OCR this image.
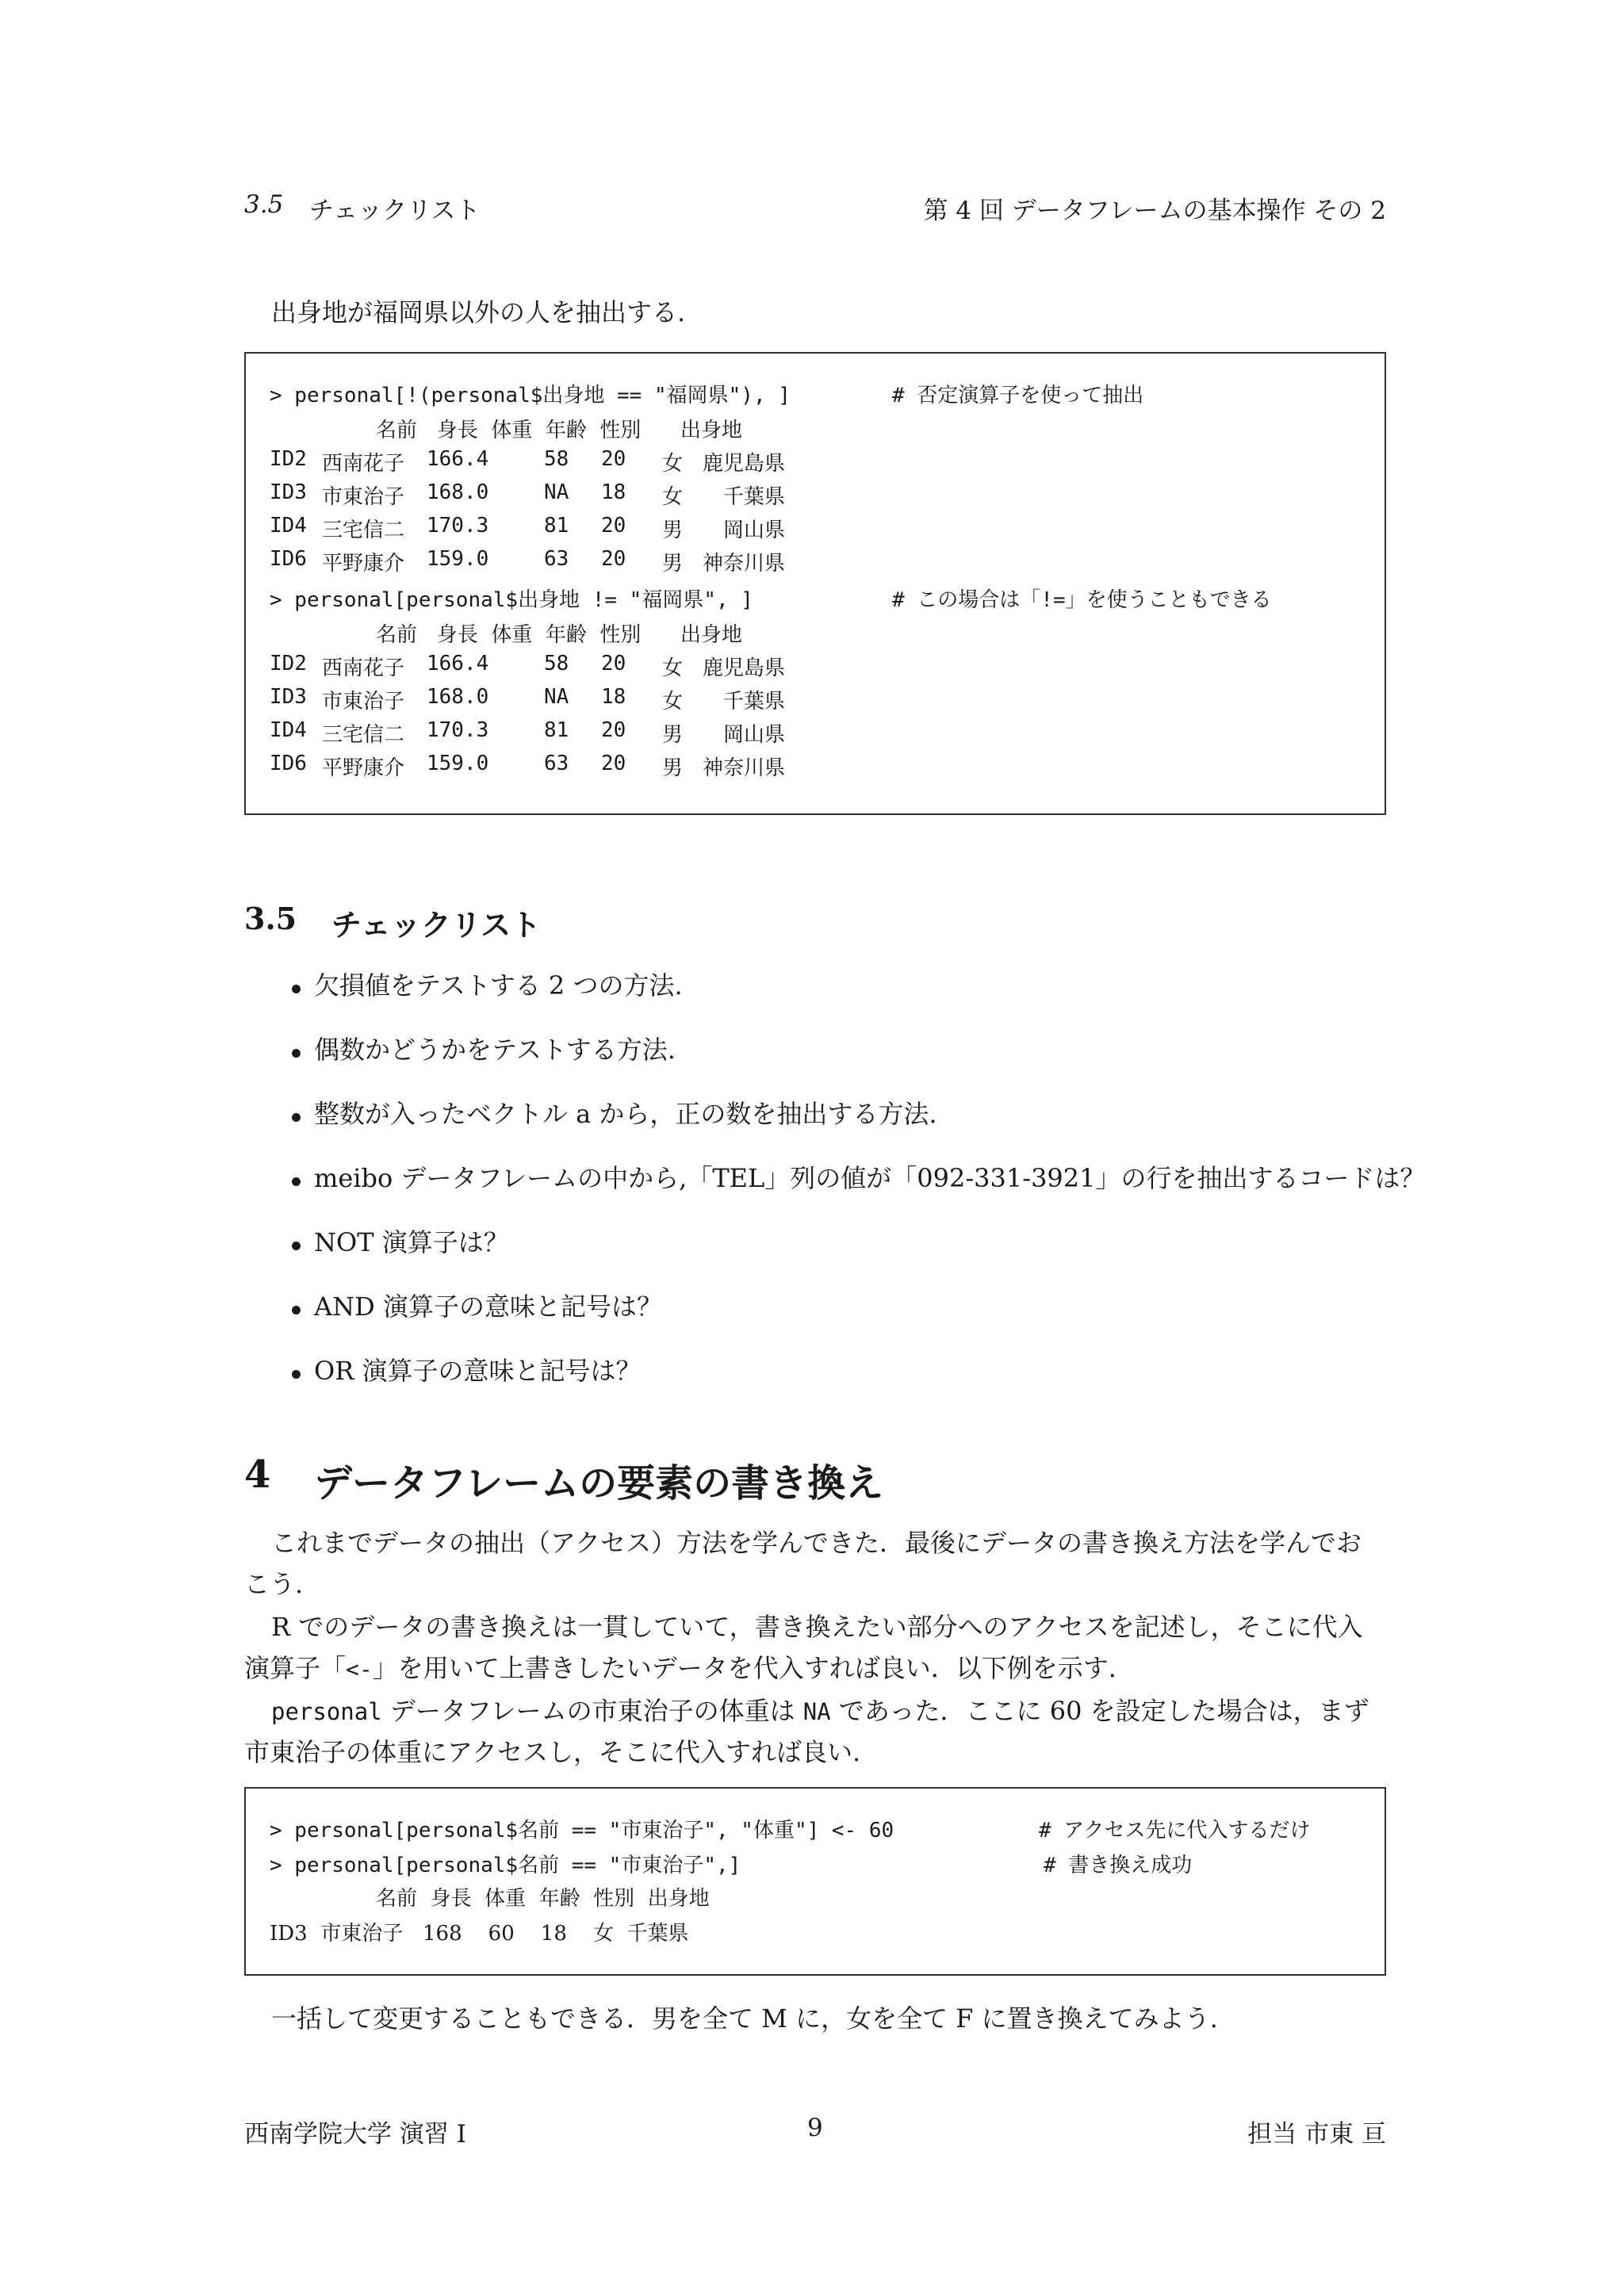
3.5 チェックリスト	第 4 回 データフレームの基本操作 その 2
出身地が福岡県以外の人を抽出する.
> personal[!(personal$出身地 == "福岡県"), ]	# 否定演算子を使って抽出
名前   身長  体重  年齢  性別      出身地
ID2 西南花子 166.4	58 20 女 鹿児島県
ID3 市東治子 168.0	NA 18 女 千葉県
ID4 三宅信二 170.3	81 20 男 岡山県
ID6 平野康介 159.0	63 20 男 神奈川県
> personal[personal$出身地 != "福岡県", ]	# この場合は「!=」を使うこともできる
名前   身長  体重  年齢  性別      出身地
ID2 西南花子 166.4	58 20 女 鹿児島県
ID3 市東治子 168.0	NA 18 女 千葉県
ID4 三宅信二 170.3	81 20 男 岡山県
ID6 平野康介 159.0	63 20 男 神奈川県
3.5 チェックリスト
欠損値をテストする 2 つの方法.
偶数かどうかをテストする方法.
整数が入ったベクトル a から，正の数を抽出する方法.
meibo データフレームの中から,「TEL」列の値が「092-331-3921」の行を抽出するコードは？
NOT 演算子は？
AND 演算子の意味と記号は？
OR 演算子の意味と記号は？
4 データフレームの要素の書き換え
これまでデータの抽出（アクセス）方法を学んできた．最後にデータの書き換え方法を学んでお
こう.
R でのデータの書き換えは一貫していて，書き換えたい部分へのアクセスを記述し，そこに代入
演算子「<-」を用いて上書きしたいデータを代入すれば良い．以下例を示す.
personal データフレームの市東治子の体重は NA であった．ここに 60 を設定した場合は，まず
市東治子の体重にアクセスし，そこに代入すれば良い.
> personal[personal$名前 == "市東治子", "体重"] <- 60	# アクセス先に代入するだけ
> personal[personal$名前 == "市東治子",]	# 書き換え成功
名前  身長  体重  年齢  性別  出身地
ID3  市東治子   168    60    18    女  千葉県
一括して変更することもできる．男を全て M に，女を全て F に置き換えてみよう.
西南学院大学 演習 I	9	担当 市東 亘
